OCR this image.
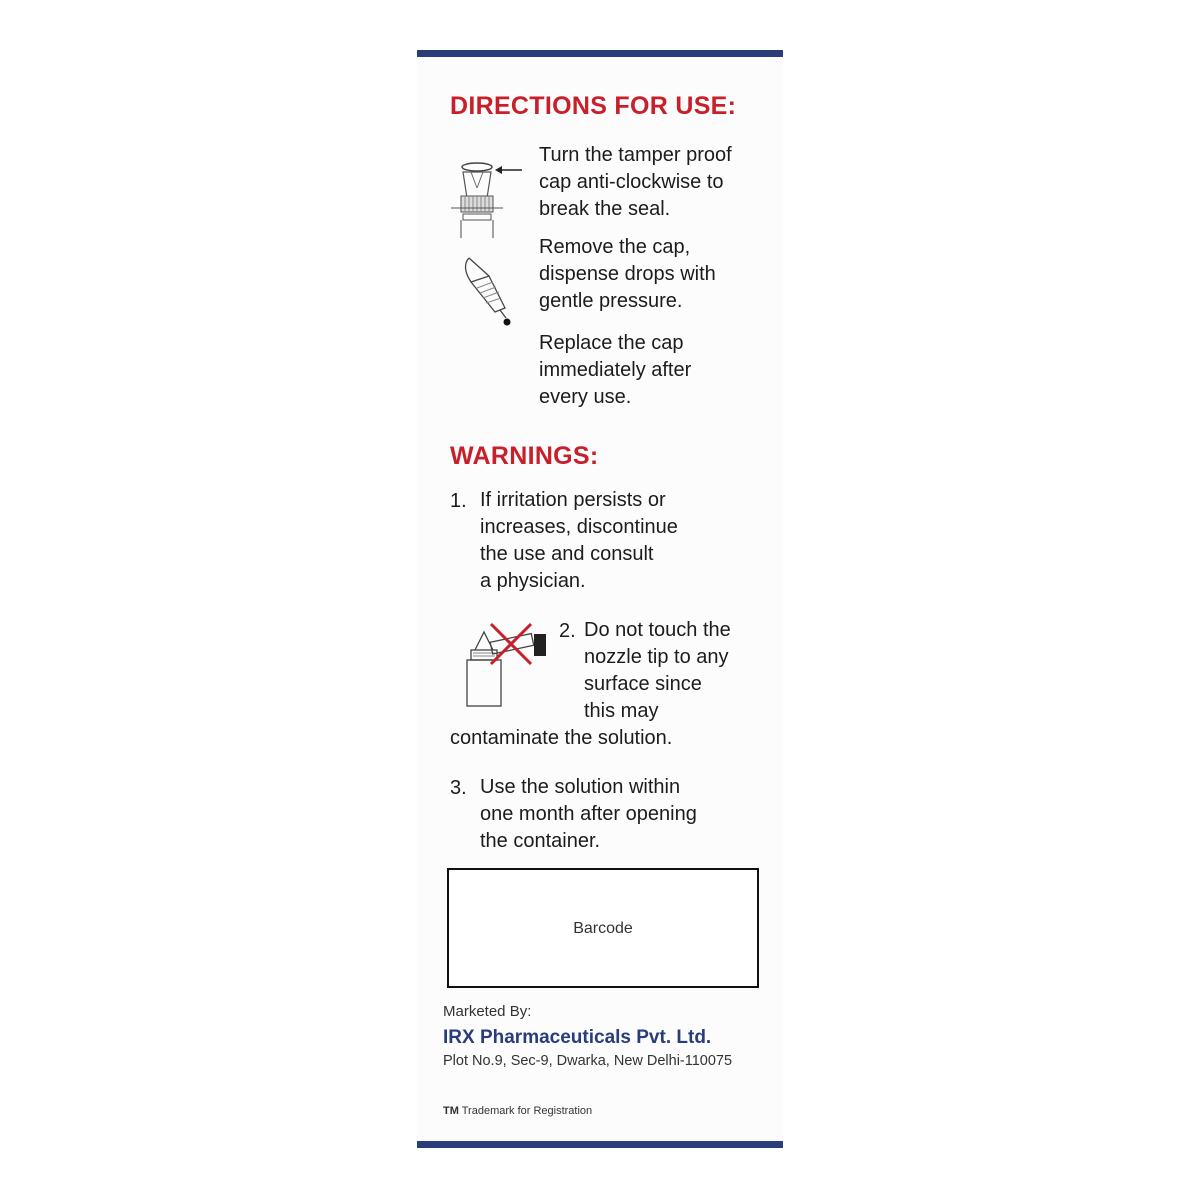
DIRECTIONS FOR USE:
Turn the tamper proof
cap anti-clockwise to
break the seal.
Remove the cap,
dispense drops with
gentle pressure.
Replace the cap
immediately after
every use.
WARNINGS:
1. If irritation persists or
increases, discontinue
the use and consult
a physician.
2. Do not touch the
nozzle tip to any
surface since
this may
contaminate the solution.
3. Use the solution within
one month after opening
the container.
Barcode
Marketed By:
IRX Pharmaceuticals Pvt. Ltd.
Plot No.9, Sec-9, Dwarka, New Delhi-110075
TM Trademark for Registration
